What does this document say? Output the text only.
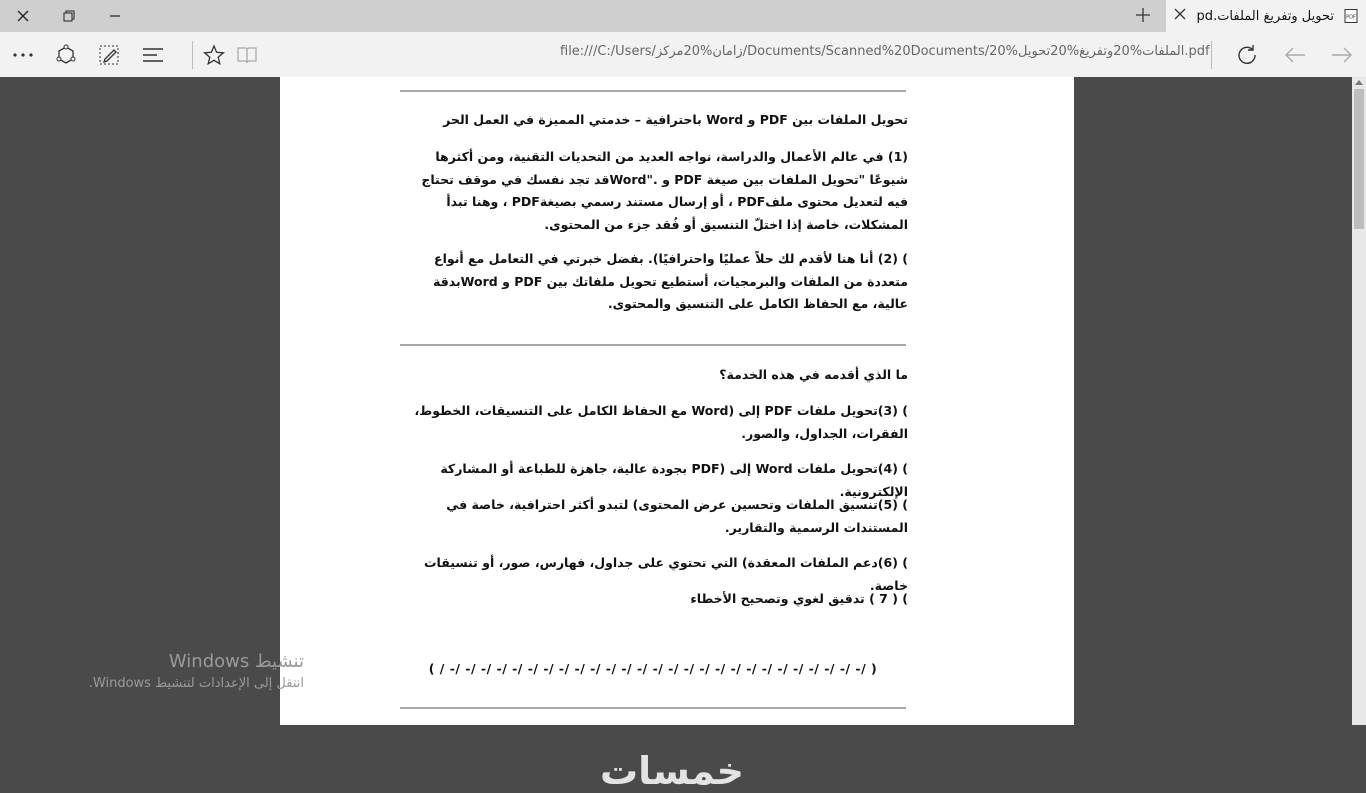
تحويل وتفريغ الملفات.pd PDF
file:///C:/Users/زامان%20مركز/Documents/Scanned%20Documents/الملفات%20وتفريغ%20تحويل%20.pdf
تحويل الملفات بين PDF و Word باحترافية – خدمتي المميزة في العمل الحر
(1) في عالم الأعمال والدراسة، نواجه العديد من التحديات التقنية، ومن أكثرها شيوعًا "تحويل الملفات بين صيغة PDF و ."Wordقد تجد نفسك في موقف تحتاج فيه لتعديل محتوى ملفPDF ، أو إرسال مستند رسمي بصيغةPDF ، وهنا تبدأ المشكلات، خاصة إذا اختلّ التنسيق أو فُقد جزء من المحتوى.
) (2) أنا هنا لأقدم لك حلاً عمليًا واحترافيًا). بفضل خبرتي في التعامل مع أنواع متعددة من الملفات والبرمجيات، أستطيع تحويل ملفاتك بين PDF و Wordبدقة عالية، مع الحفاظ الكامل على التنسيق والمحتوى.
ما الذي أقدمه في هذه الخدمة؟
) (3)تحويل ملفات PDF إلى (Word مع الحفاظ الكامل على التنسيقات، الخطوط، الفقرات، الجداول، والصور.
) (4)تحويل ملفات Word إلى (PDF بجودة عالية، جاهزة للطباعة أو المشاركة الإلكترونية.
) (5)تنسيق الملفات وتحسين عرض المحتوى) لتبدو أكثر احترافية، خاصة في المستندات الرسمية والتقارير.
) (6)دعم الملفات المعقدة) التي تحتوي على جداول، فهارس، صور، أو تنسيقات خاصة.
) ( 7 ) تدقيق لغوي وتصحيح الأخطاء
( /- /- /- /- /- /- /- /- /- /- /- /- /- /- /- /- /- /- /- /- /- /- /- /- /- /- /- / )
خمسات
تنشيط Windows
انتقل إلى الإعدادات لتنشيط Windows.
